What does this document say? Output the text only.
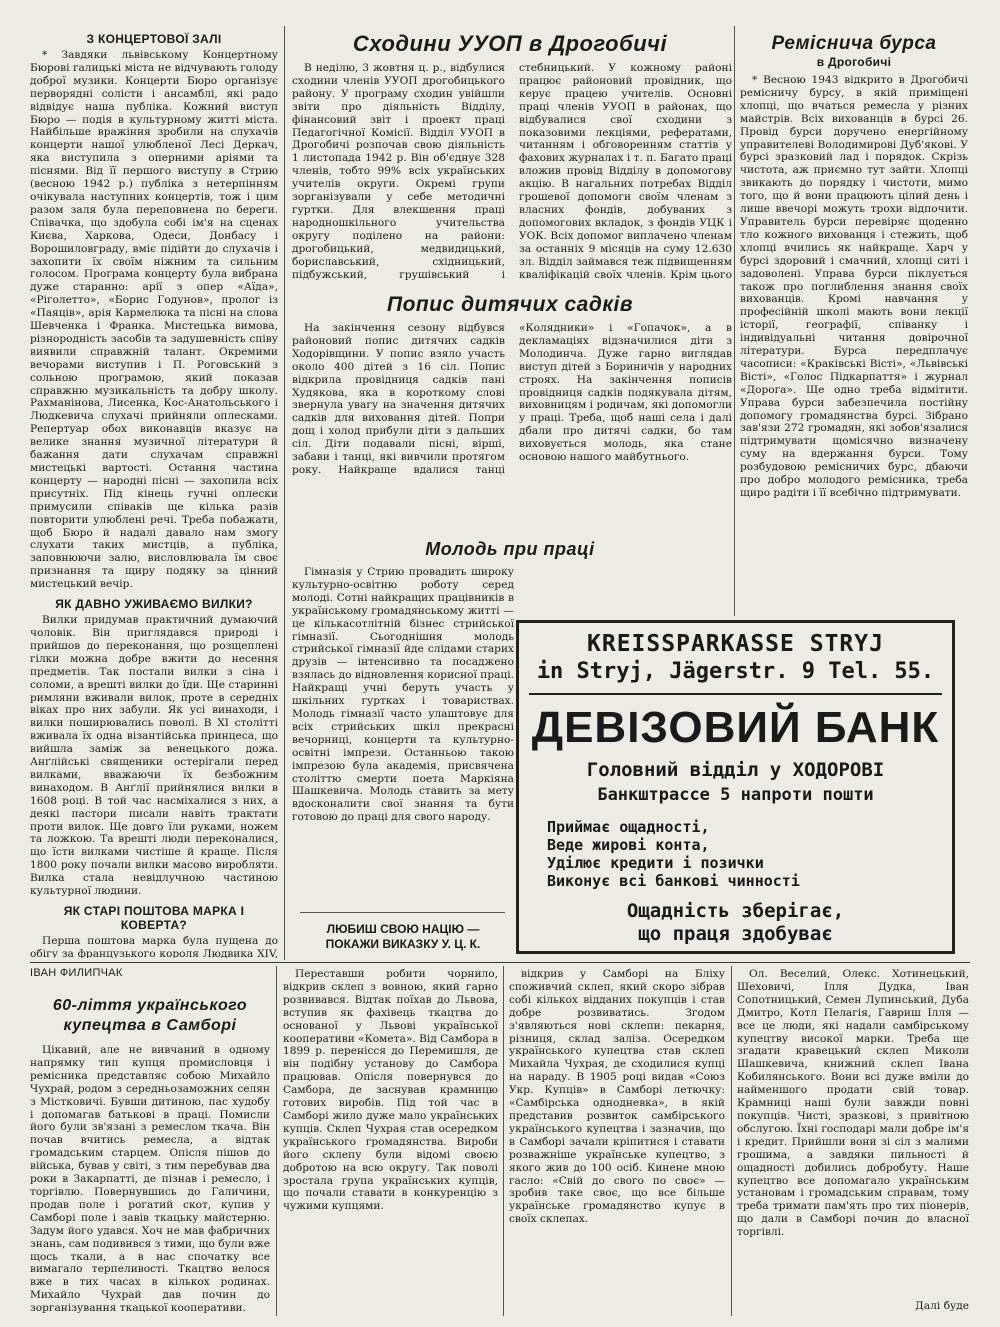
З КОНЦЕРТОВОЇ ЗАЛІ

* Завдяки львівському Концертному Бюрові галицькі міста не відчувають голоду доброї музики. Концерти Бюро організує перворядні солісти і ансамблі, які радо відвідує наша публіка. Кожний виступ Бюро — подія в культурному житті міста. Найбільше вражіння зробили на слухачів концерти нашої улюбленої Лесі Деркач, яка виступила з оперними аріями та піснями. Від її першого виступу в Стрию (весною 1942 р.) публіка з нетерпінням очікувала наступних концертів, тож і цим разом заля була переповнена по береги. Співачка, що здобула собі ім'я на сценах Києва, Харкова, Одеси, Донбасу і Ворошиловграду, вміє підійти до слухачів і захопити їх своїм ніжним та сильним голосом. Програма концерту була вибрана дуже старанно: арії з опер «Аїда», «Ріголетто», «Борис Годунов», пролог із «Паяців», арія Кармелюка та пісні на слова Шевченка і Франка. Мистецька вимова, різнородність засобів та задушевність співу виявили справжній талант. Окремими вечорами виступив і П. Роговський з сольною програмою, який показав справжню музикальність та добру школу. Рахманінова, Лисенка, Кос-Анатольського і Людкевича слухачі прийняли оплесками. Репертуар обох виконавців вказує на велике знання музичної літератури й бажання дати слухачам справжні мистецькі вартості. Остання частина концерту — народні пісні — захопила всіх присутніх. Під кінець гучні оплески примусили співаків ще кілька разів повторити улюблені речі. Треба побажати, щоб Бюро й надалі давало нам змогу слухати таких мистців, а публіка, заповнюючи залю, висловлювала їм своє признання та щиру подяку за цінний мистецький вечір.

ЯК ДАВНО УЖИВАЄМО ВИЛКИ?

Вилки придумав практичний думаючий чоловік. Він приглядався природі і прийшов до переконання, що розщеплені гілки можна добре вжити до несення предметів. Так постали вилки з сіна і соломи, а врешті вилки до їди. Ще старинні римляни вживали вилок, проте в середніх віках про них забули. Як усі винаходи, і вилки поширювались поволі. В ХІ столітті вживала їх одна візантійська принцеса, що вийшла заміж за венецького дожа. Анґлійські священики остерігали перед вилками, вважаючи їх безбожним винаходом. В Анґлії прийнялися вилки в 1608 році. В той час насміхалися з них, а деякі пастори писали навіть трактати проти вилок. Ще довго їли руками, ножем та ложкою. Та врешті люди переконалися, що їсти вилками чистіше й краще. Після 1800 року почали вилки масово виробляти. Вилка стала невідлучною частиною культурної людини.

ЯК СТАРІ ПОШТОВА МАРКА І КОВЕРТА?

Перша поштова марка була пущена до обігу за французького короля Людвика XIV,

Сходини УУОП в Дрогобичі

В неділю, 3 жовтня ц. р., відбулися сходини членів УУОП дрогобицького району. У програму сходин увійшли звіти про діяльність Відділу, фінансовий звіт і проект праці Педагогічної Комісії. Відділ УУОП в Дрогобичі розпочав свою діяльність 1 листопада 1942 р. Він об'єднує 328 членів, тобто 99% всіх українських учителів округи. Окремі групи зорганізували у себе методичні гуртки. Для влекшення праці народношкільного учительства округу поділено на райони: дрогобицький, медвидицький, бориславський, східницький, підбужський, грушівський і стебницький. У кожному районі працює районовий провідник, що керує працею учителів. Основні праці членів УУОП в районах, що відбувалися свої сходини з показовими лекціями, рефератами, читанням і обговоренням статтів у фахових журналах і т. п. Багато праці вложив провід Відділу в допомогову акцію. В нагальних потребах Відділ грошевої допомоги своїм членам з власних фондів, добуваних з допомогових вкладок, з фондів УЦК і УОК. Всіх допомог виплачено членам за останніх 9 місяців на суму 12.630 зл. Відділ займався теж підвищенням кваліфікацій своїх членів. Крім цього

Попис дитячих садків

На закінчення сезону відбувся районовий попис дитячих садків Ходорівщини. У попис взяло участь около 400 дітей з 16 сіл. Попис відкрила провідниця садків пані Худякова, яка в короткому слові звернула увагу на значення дитячих садків для виховання дітей. Попри дощ і холод прибули діти з дальших сіл. Діти подавали пісні, вірші, забави і танці, які вивчили протягом року. Найкраще вдалися танці «Колядники» і «Гопачок», а в декламаціях відзначилися діти з Молодинча. Дуже гарно виглядав виступ дітей з Бориничів у народних строях. На закінчення пописів провідниця садків подякувала дітям, виховницям і родичам, які допомогли у праці. Треба, щоб наші села і далі дбали про дитячі садки, бо там виховується молодь, яка стане основою нашого майбутнього.

Молодь при праці

Гімназія у Стрию провадить широку культурно-освітню роботу серед молоді. Сотні найкращих працівників в українському громадянському житті — це кількасотлітній бізнес стрийської гімназії. Сьогоднішня молодь стрийської гімназії йде слідами старих друзів — інтенсивно та посаджено взялась до відновлення корисної праці. Найкращі учні беруть участь у шкільних гуртках і товариствах. Молодь гімназії часто улаштовує для всіх стрийських шкіл прекрасні вечорниці, концерти та культурно-освітні імпрези. Останньою такою імпрезою була академія, присвячена століттю смерти поета Маркіяна Шашкевича. Молодь ставить за мету вдосконалити свої знання та бути готовою до праці для свого народу.

ЛЮБИШ СВОЮ НАЦІЮ —
ПОКАЖИ ВИКАЗКУ У. Ц. К.
KREISSPARKASSE STRYJ
in Stryj, Jägerstr. 9 Tel. 55.
ДЕВІЗОВИЙ БАНК
Головний відділ у ХОДОРОВІ
Банкштрассе 5 напроти пошти
Приймає ощадності,
Веде жирові конта,
Уділює кредити і позички
Виконує всі банкові чинності
Ощадність зберігає,
що праця здобуває
Реміснича бурса
в Дрогобичі

* Весною 1943 відкрито в Дрогобичі ремісничу бурсу, в якій приміщені хлопці, що вчаться ремесла у різних майстрів. Всіх вихованців в бурсі 26. Провід бурси доручено енергійному управителеві Володимирові Дуб'якові. У бурсі зразковий лад і порядок. Скрізь чистота, аж приємно тут зайти. Хлопці звикають до порядку і чистоти, мимо того, що й вони працюють цілий день і лише ввечорі можуть трохи відпочити. Управитель бурси перевіряє щоденно тло кожного вихованця і стежить, щоб хлопці вчились як найкраще. Харч у бурсі здоровий і смачний, хлопці ситі і задоволені. Управа бурси піклується також про поглиблення знання своїх вихованців. Кромі навчання у професійній школі мають вони лекції історії, географії, співанку і індивідуальні читання довірочної літератури. Бурса передплачує часописи: «Краківські Вісті», «Львівські Вісті», «Голос Підкарпаття» і журнал «Дорога». Ще одно треба відмітити. Управа бурси забезпечила постійну допомогу громадянства бурсі. Зібрано зав'язи 272 громадян, які зобов'язалися підтримувати щомісячно визначену суму на вдержання бурси. Тому розбудовою ремісничих бурс, дбаючи про добро молодого ремісника, треба щиро радіти і її всебічно підтримувати.

ІВАН ФИЛИПЧАК
60-ліття українського
купецтва в Самборі

Цікавий, але не вивчаний в одному напрямку тип купця промисловця і ремісника представляє собою Михайло Чухрай, родом з середньозаможних селян з Містковичі. Бувши дитиною, пас худобу і допомагав батькові в праці. Помисли його були зв'язані з ремеслом ткача. Він почав вчитись ремесла, а відтак громадським старцем. Опісля пішов до війська, бував у світі, з тим перебував два роки в Закарпатті, де пізнав і ремесло, і торгівлю. Повернувшись до Галичини, продав поле і рогатий скот, купив у Самборі поле і завів ткацьку майстерню. Задум його удався. Хоч не мав фабричних знань, сам подивився з тими, що були вже щось ткали, а в нас спочатку все вимагало терпеливості. Ткацтво велося вже в тих часах в кількох родинах. Михайло Чухрай дав почин до зорганізування ткацької кооперативи.

Переставши робити чорнило, відкрив склеп з вовною, який гарно розвивався. Відтак поїхав до Львова, вступив як фахівець ткацтва до основаної у Львові української кооперативи «Комета». Від Самбора в 1899 р. перенісся до Перемишля, де він подібну установу до Самбора працював. Опісля повернувся до Самбора, де заснував крамницю готових виробів. Під той час в Самборі жило дуже мало українських купців. Склеп Чухрая став осередком українського громадянства. Вироби його склепу були відомі своєю добротою на всю округу. Так поволі зростала група українських купців, що почали ставати в конкуренцію з чужими купцями.

відкрив у Самборі на Бліху споживчий склеп, який скоро зібрав собі кількох відданих покупців і став добре розвиватись. Згодом з'являються нові склепи: пекарня, різниця, склад заліза. Осередком українського купецтва став склеп Михайла Чухрая, де сходилися купці на нараду. В 1905 році видав «Союз Укр. Купців» в Самборі летючку: «Самбірська однодневка», в якій представив розвиток самбірського українського купецтва і зазначив, що в Самборі зачали кріпитися і ставати розважніше українське купецтво, з якого жив до 100 осіб. Кинене мною гасло: «Свій до свого по своє» — зробив таке своє, що все більше українське громадянство купує в своїх склепах.

Ол. Веселий, Олекс. Хотинецький, Шеховичі, Ілля Дудка, Іван Сопотницький, Семен Лупинський, Дуба Дмитро, Котл Пелагія, Гавриш Ілля — все це люди, які надали самбірському купецтву високої марки. Треба ще згадати кравецький склеп Миколи Шашкевича, книжний склеп Івана Кобилянського. Вони всі дуже вміли до найменшого продати свій товар. Крамниці наші були завжди повні покупців. Чисті, зразкові, з привітною обслугою. Їхні господарі мали добре ім'я і кредит. Прийшли вони зі сіл з малими грошима, а завдяки пильності й ощадності добились добробуту. Наше купецтво все допомагало українським установам і громадським справам, тому треба тримати пам'ять про тих піонерів, що дали в Самборі почин до власної торгівлі.

Далі буде
